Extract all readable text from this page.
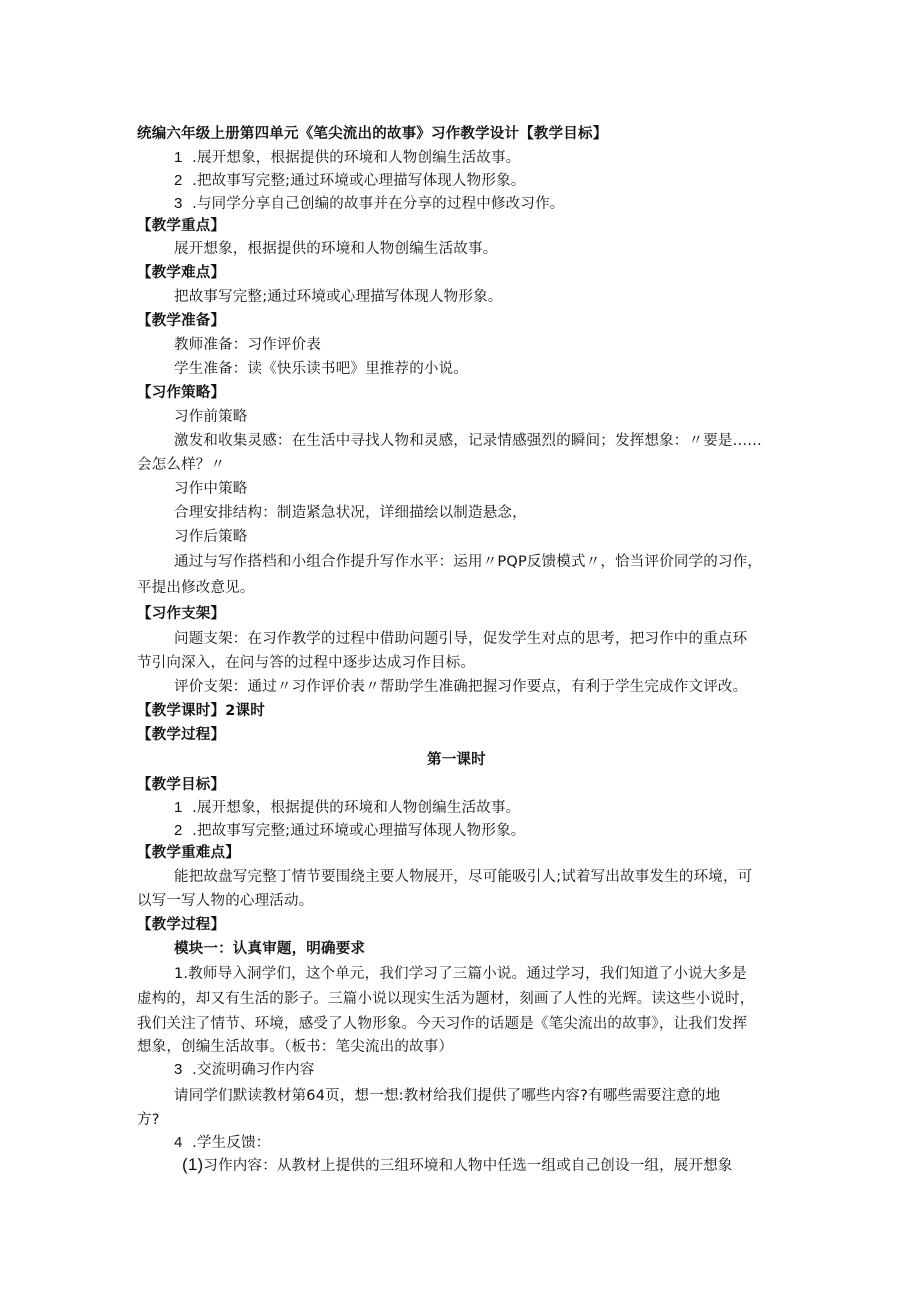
统编六年级上册第四单元《笔尖流出的故事》习作教学设计【教学目标】
1 .展开想象，根据提供的环境和人物创编生活故事。
2 .把故事写完整;通过环境或心理描写体现人物形象。
3 .与同学分享自己创编的故事并在分享的过程中修改习作。
【教学重点】
展开想象，根据提供的环境和人物创编生活故事。
【教学难点】
把故事写完整;通过环境或心理描写体现人物形象。
【教学准备】
教师准备：习作评价表
学生准备：读《快乐读书吧》里推荐的小说。
【习作策略】
习作前策略
激发和收集灵感：在生活中寻找人物和灵感，记录情感强烈的瞬间；发挥想象：〃要是……
会怎么样？〃
习作中策略
合理安排结构：制造紧急状况，详细描绘以制造悬念，
习作后策略
通过与写作搭档和小组合作提升写作水平：运用〃PQP反馈模式〃，恰当评价同学的习作，
平提出修改意见。
【习作支架】
问题支架：在习作教学的过程中借助问题引导，促发学生对点的思考，把习作中的重点环
节引向深入，在问与答的过程中逐步达成习作目标。
评价支架：通过〃习作评价表〃帮助学生准确把握习作要点，有利于学生完成作文评改。
【教学课时】2课时
【教学过程】
第一课时
【教学目标】
1 .展开想象，根据提供的环境和人物创编生活故事。
2 .把故事写完整;通过环境或心理描写体现人物形象。
【教学重难点】
能把故盘写完整丁情节要围绕主要人物展开，尽可能吸引人;试着写出故事发生的环境，可
以写一写人物的心理活动。
【教学过程】
模块一：认真审题，明确要求
1.教师导入洞学们，这个单元，我们学习了三篇小说。通过学习，我们知道了小说大多是
虚构的，却又有生活的影子。三篇小说以现实生活为题材，刻画了人性的光辉。读这些小说时，
我们关注了情节、环境，感受了人物形象。今天习作的话题是《笔尖流出的故事》，让我们发挥
想象，创编生活故事。（板书：笔尖流出的故事）
3 .交流明确习作内容
请同学们默读教材第64页，想一想:教材给我们提供了哪些内容?有哪些需要注意的地
方?
4 .学生反馈：
(1)习作内容：从教材上提供的三组环境和人物中任选一组或自己创设一组，展开想象
